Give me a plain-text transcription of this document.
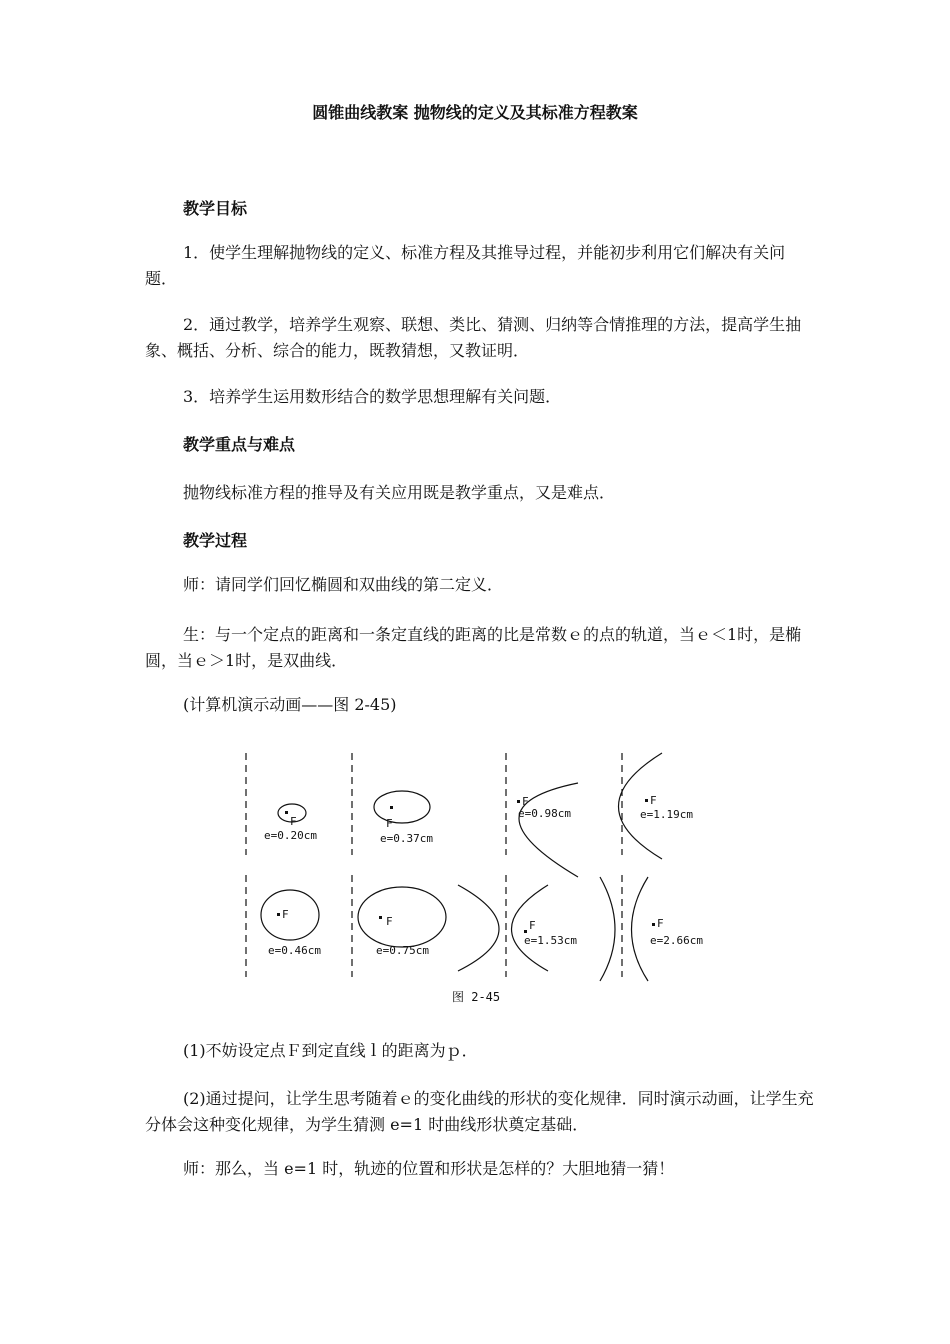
圆锥曲线教案 抛物线的定义及其标准方程教案
教学目标
1．使学生理解抛物线的定义、标准方程及其推导过程，并能初步利用它们解决有关问题．
2．通过教学，培养学生观察、联想、类比、猜测、归纳等合情推理的方法，提高学生抽象、概括、分析、综合的能力，既教猜想，又教证明．
3．培养学生运用数形结合的数学思想理解有关问题．
教学重点与难点
抛物线标准方程的推导及有关应用既是教学重点，又是难点．
教学过程
师：请同学们回忆椭圆和双曲线的第二定义．
生：与一个定点的距离和一条定直线的距离的比是常数ｅ的点的轨道，当ｅ＜1时，是椭圆，当ｅ＞1时，是双曲线．
(计算机演示动画——图 2-45)
F
e=0.20cm
F
e=0.37cm
F
e=0.98cm
F
e=1.19cm
F
e=0.46cm
F
e=0.75cm
F
e=1.53cm
F
e=2.66cm
图 2-45
(1)不妨设定点Ｆ到定直线ｌ的距离为ｐ．
(2)通过提问，让学生思考随着ｅ的变化曲线的形状的变化规律．同时演示动画，让学生充分体会这种变化规律，为学生猜测 e=1 时曲线形状奠定基础．
师：那么，当 e=1 时，轨迹的位置和形状是怎样的？大胆地猜一猜！
